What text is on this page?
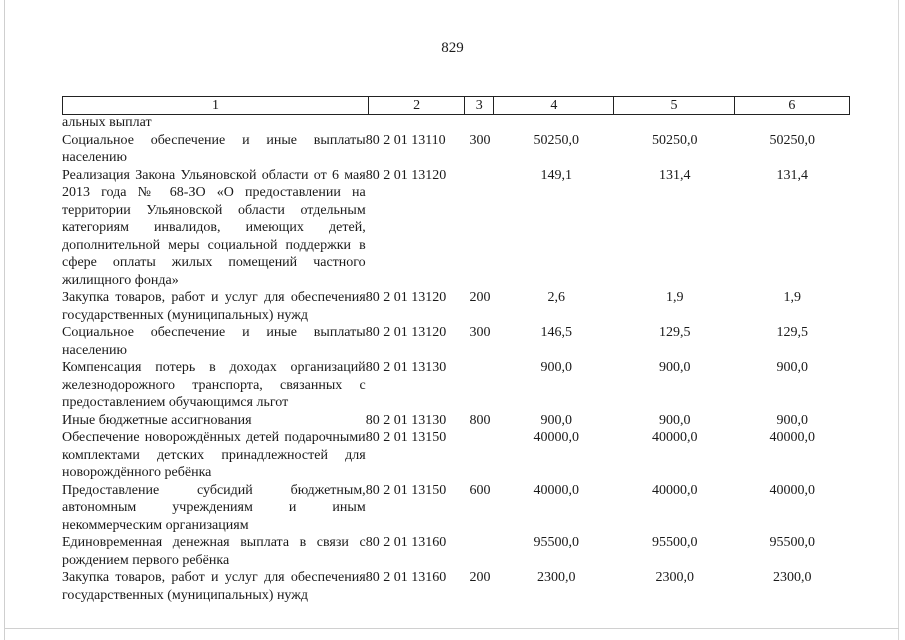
829
1	2	3	4	5	6
альных выплат					
Социальное обеспечение и иные выплаты населению	80 2 01 13110	300	50250,0	50250,0	50250,0
Реализация Закона Ульяновской области от 6 мая 2013 года № 68-ЗО «О предоставлении на территории Ульяновской области отдельным категориям инвалидов, имеющих детей, дополнительной меры социальной поддержки в сфере оплаты жилых помещений частного жилищного фонда»	80 2 01 13120		149,1	131,4	131,4
Закупка товаров, работ и услуг для обеспечения государственных (муниципальных) нужд	80 2 01 13120	200	2,6	1,9	1,9
Социальное обеспечение и иные выплаты населению	80 2 01 13120	300	146,5	129,5	129,5
Компенсация потерь в доходах организаций железнодорожного транспорта, связанных с предоставлением обучающимся льгот	80 2 01 13130		900,0	900,0	900,0
Иные бюджетные ассигнования	80 2 01 13130	800	900,0	900,0	900,0
Обеспечение новорождённых детей подарочными комплектами детских принадлежностей для новорождённого ребёнка	80 2 01 13150		40000,0	40000,0	40000,0
Предоставление субсидий бюджетным, автономным учреждениям и иным некоммерческим организациям	80 2 01 13150	600	40000,0	40000,0	40000,0
Единовременная денежная выплата в связи с рождением первого ребёнка	80 2 01 13160		95500,0	95500,0	95500,0
Закупка товаров, работ и услуг для обеспечения государственных (муниципальных) нужд	80 2 01 13160	200	2300,0	2300,0	2300,0
